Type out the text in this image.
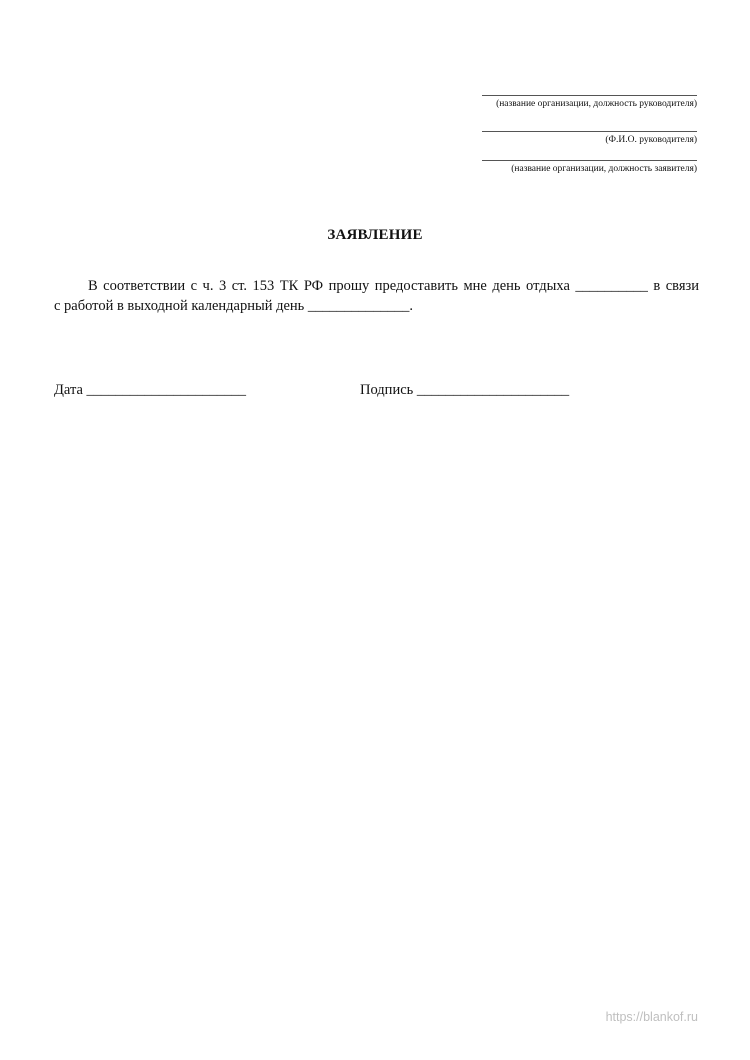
(название организации, должность руководителя)
(Ф.И.О. руководителя)
(название организации, должность заявителя)
ЗАЯВЛЕНИЕ
В соответствии с ч. 3 ст. 153 ТК РФ прошу предоставить мне день отдыха __________ в связи
с работой в выходной календарный день ______________.
Дата ______________________	Подпись _____________________
https://blankof.ru
